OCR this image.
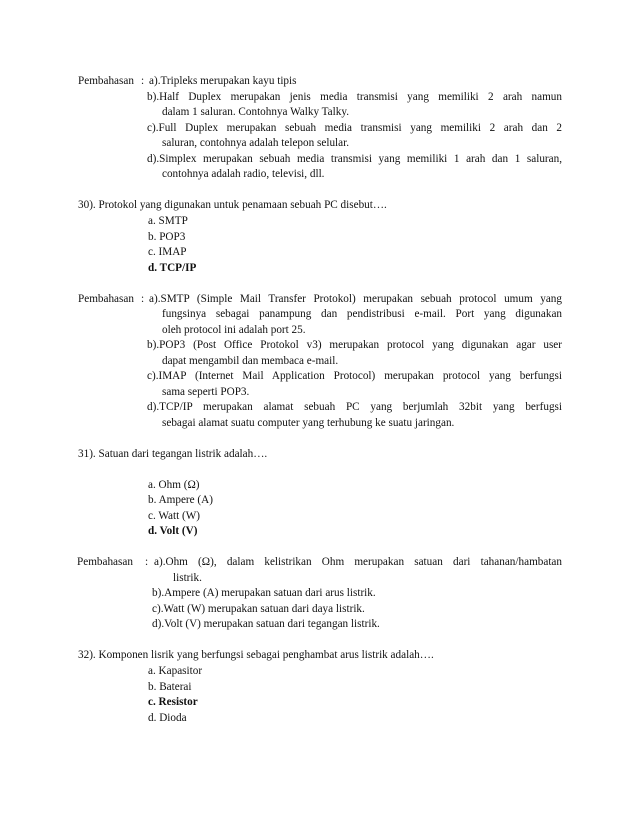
Pembahasan : a).Tripleks merupakan kayu tipis
b).Half Duplex merupakan jenis media transmisi yang memiliki 2 arah namun
dalam 1 saluran. Contohnya Walky Talky.
c).Full Duplex merupakan sebuah media transmisi yang memiliki 2 arah dan 2
saluran, contohnya adalah telepon selular.
d).Simplex merupakan sebuah media transmisi yang memiliki 1 arah dan 1 saluran,
contohnya adalah radio, televisi, dll.
30). Protokol yang digunakan untuk penamaan sebuah PC disebut….
a. SMTP
b. POP3
c. IMAP
d. TCP/IP
Pembahasan : a).SMTP (Simple Mail Transfer Protokol) merupakan sebuah protocol umum yang
fungsinya sebagai panampung dan pendistribusi e-mail. Port yang digunakan
oleh protocol ini adalah port 25.
b).POP3 (Post Office Protokol v3) merupakan protocol yang digunakan agar user
dapat mengambil dan membaca e-mail.
c).IMAP (Internet Mail Application Protocol) merupakan protocol yang berfungsi
sama seperti POP3.
d).TCP/IP merupakan alamat sebuah PC yang berjumlah 32bit yang berfugsi
sebagai alamat suatu computer yang terhubung ke suatu jaringan.
31). Satuan dari tegangan listrik adalah….
a. Ohm (Ω)
b. Ampere (A)
c. Watt (W)
d. Volt (V)
Pembahasan : a).Ohm (Ω), dalam kelistrikan Ohm merupakan satuan dari tahanan/hambatan
listrik.
b).Ampere (A) merupakan satuan dari arus listrik.
c).Watt (W) merupakan satuan dari daya listrik.
d).Volt (V) merupakan satuan dari tegangan listrik.
32). Komponen lisrik yang berfungsi sebagai penghambat arus listrik adalah….
a. Kapasitor
b. Baterai
c. Resistor
d. Dioda
